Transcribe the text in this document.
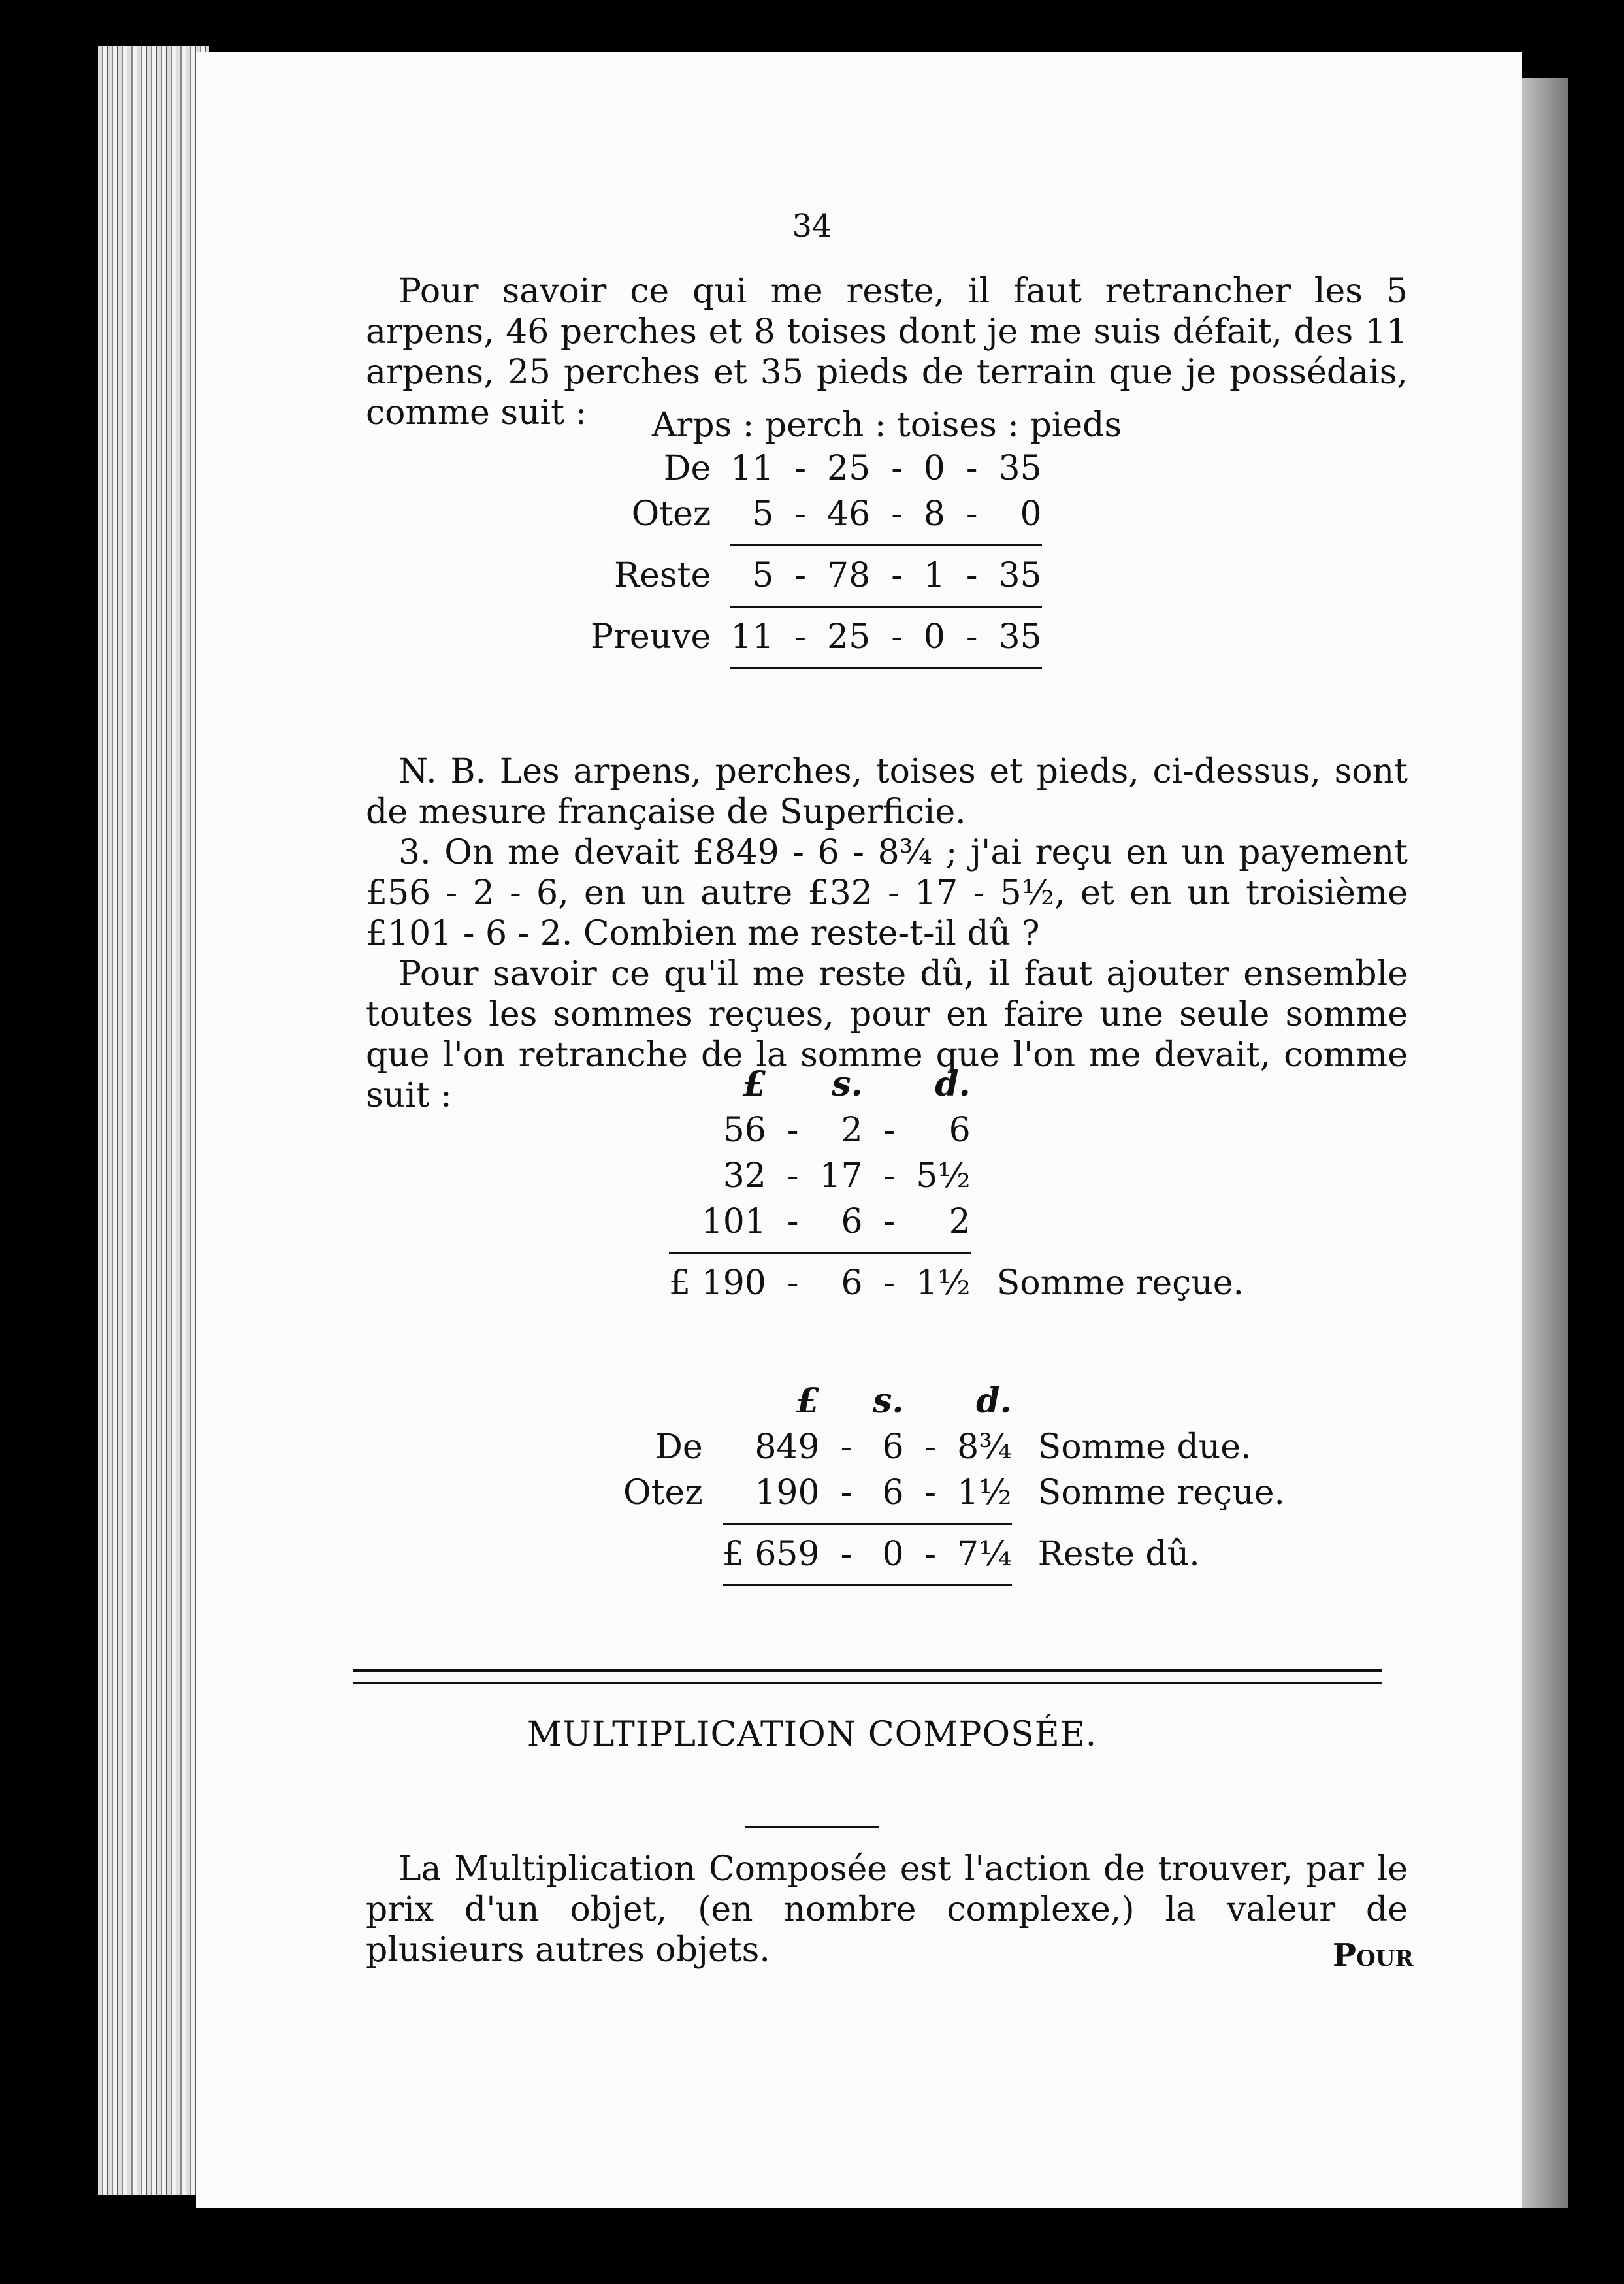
34

Pour savoir ce qui me reste, il faut retrancher les 5 arpens, 46 perches et 8 toises dont je me suis défait, des 11 arpens, 25 perches et 35 pieds de terrain que je possédais, comme suit :	Arps : perch : toises : pieds
De	11	-	25	-	0	-	35
Otez	5	-	46	-	8	-	0

Reste	5	-	78	-	1	-	35

Preuve	11	-	25	-	0	-	35

N. B. Les arpens, perches, toises et pieds, ci-dessus, sont de mesure française de Superficie.

3. On me devait £849 - 6 - 8¾ ; j'ai reçu en un payement £56 - 2 - 6, en un autre £32 - 17 - 5½, et en un troisième £101 - 6 - 2. Combien me reste-t-il dû ?

Pour savoir ce qu'il me reste dû, il faut ajouter ensemble toutes les sommes reçues, pour en faire une seule somme que l'on retranche de la somme que l'on me devait, comme suit :	£		s.		d.	
56	-	2	-	6	
32	-	17	-	5½	
101	-	6	-	2	

£ 190	-	6	-	1½	Somme reçue.
	£		s.		d.	
De	849	-	6	-	8¾	Somme due.
Otez	190	-	6	-	1½	Somme reçue.

	£ 659	-	0	-	7¼	Reste dû.

MULTIPLICATION COMPOSÉE.

La Multiplication Composée est l'action de trouver, par le prix d'un objet, (en nombre complexe,) la valeur de plusieurs autres objets.	Pour
